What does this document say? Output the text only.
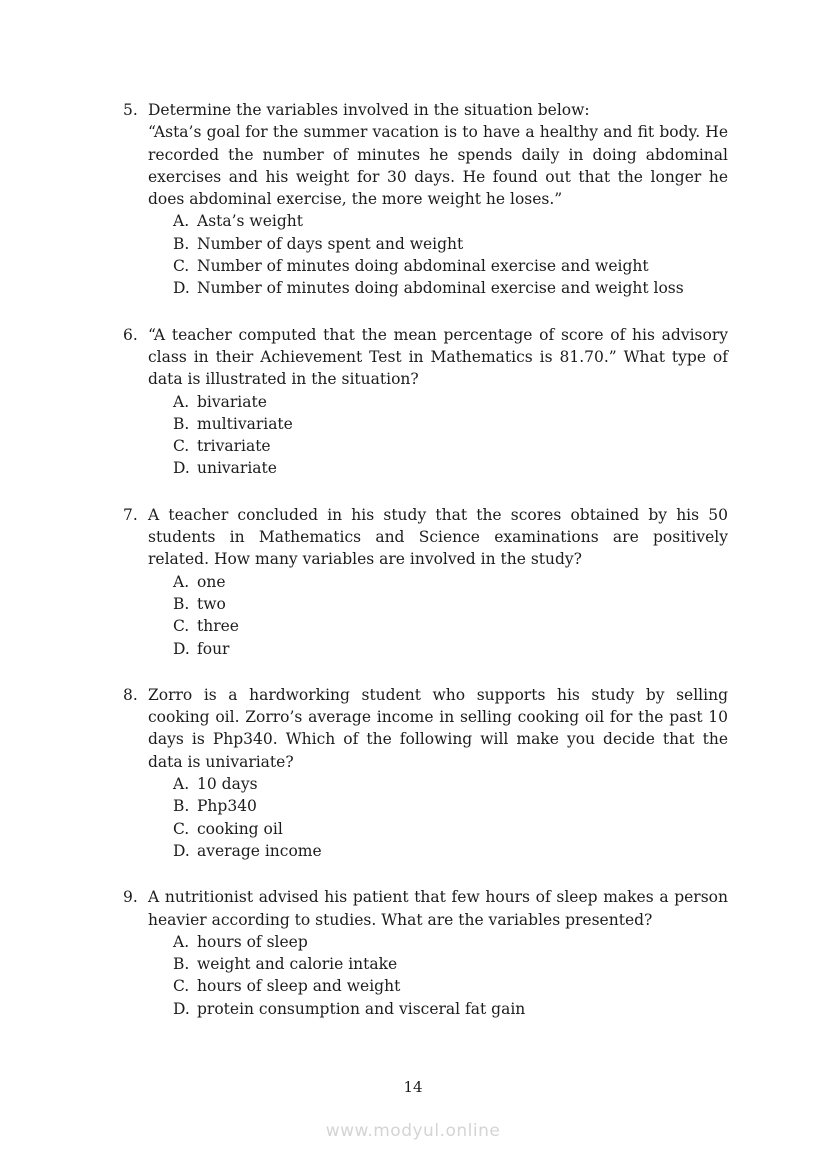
5. Determine the variables involved in the situation below:
“Asta’s goal for the summer vacation is to have a healthy and fit body. He recorded the number of minutes he spends daily in doing abdominal exercises and his weight for 30 days. He found out that the longer he does abdominal exercise, the more weight he loses.”
A. Asta’s weight
B. Number of days spent and weight
C. Number of minutes doing abdominal exercise and weight
D. Number of minutes doing abdominal exercise and weight loss
6. “A teacher computed that the mean percentage of score of his advisory class in their Achievement Test in Mathematics is 81.70.” What type of data is illustrated in the situation?
A. bivariate
B. multivariate
C. trivariate
D. univariate
7. A teacher concluded in his study that the scores obtained by his 50 students in Mathematics and Science examinations are positively related. How many variables are involved in the study?
A. one
B. two
C. three
D. four
8. Zorro is a hardworking student who supports his study by selling cooking oil. Zorro’s average income in selling cooking oil for the past 10 days is Php340. Which of the following will make you decide that the data is univariate?
A. 10 days
B. Php340
C. cooking oil
D. average income
9. A nutritionist advised his patient that few hours of sleep makes a person heavier according to studies. What are the variables presented?
A. hours of sleep
B. weight and calorie intake
C. hours of sleep and weight
D. protein consumption and visceral fat gain
14
www.modyul.online
